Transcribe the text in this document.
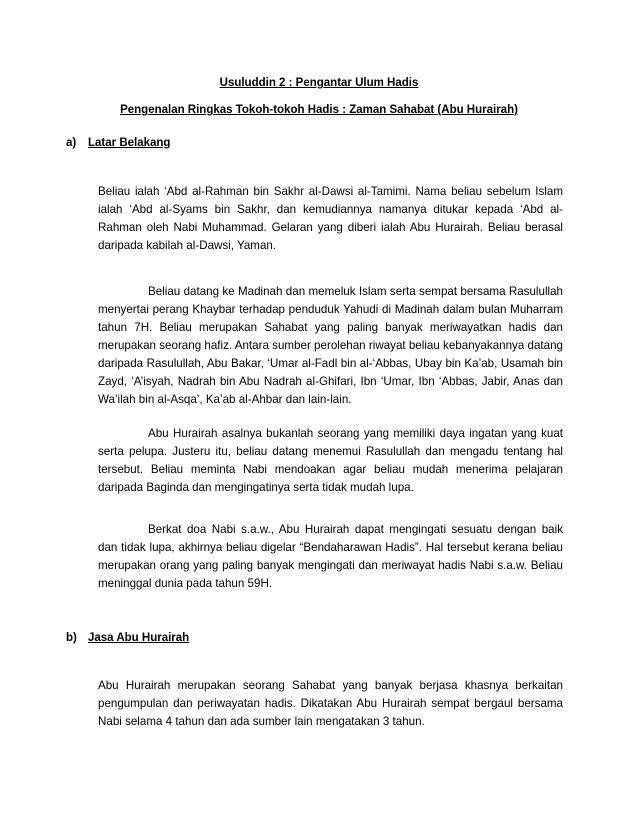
Usuluddin 2 : Pengantar Ulum Hadis
Pengenalan Ringkas Tokoh-tokoh Hadis : Zaman Sahabat (Abu Hurairah)
a) Latar Belakang

Beliau ialah ‘Abd al-Rahman bin Sakhr al-Dawsi al-Tamimi. Nama beliau sebelum Islam ialah ‘Abd al-Syams bin Sakhr, dan kemudiannya namanya ditukar kepada ‘Abd al-Rahman oleh Nabi Muhammad. Gelaran yang diberi ialah Abu Hurairah. Beliau berasal daripada kabilah al-Dawsi, Yaman.

Beliau datang ke Madinah dan memeluk Islam serta sempat bersama Rasulullah menyertai perang Khaybar terhadap penduduk Yahudi di Madinah dalam bulan Muharram tahun 7H. Beliau merupakan Sahabat yang paling banyak meriwayatkan hadis dan merupakan seorang hafiz. Antara sumber perolehan riwayat beliau kebanyakannya datang daripada Rasulullah, Abu Bakar, ‘Umar al-Fadl bin al-‘Abbas, Ubay bin Ka’ab, Usamah bin Zayd, ‘A’isyah, Nadrah bin Abu Nadrah al-Ghifari, Ibn ‘Umar, Ibn ‘Abbas, Jabir, Anas dan Wa’ilah bin al-Asqa’, Ka’ab al-Ahbar dan lain-lain.

Abu Hurairah asalnya bukanlah seorang yang memiliki daya ingatan yang kuat serta pelupa. Justeru itu, beliau datang menemui Rasulullah dan mengadu tentang hal tersebut. Beliau meminta Nabi mendoakan agar beliau mudah menerima pelajaran daripada Baginda dan mengingatinya serta tidak mudah lupa.

Berkat doa Nabi s.a.w., Abu Hurairah dapat mengingati sesuatu dengan baik dan tidak lupa, akhirnya beliau digelar “Bendaharawan Hadis”. Hal tersebut kerana beliau merupakan orang yang paling banyak mengingati dan meriwayat hadis Nabi s.a.w. Beliau meninggal dunia pada tahun 59H.

b) Jasa Abu Hurairah

Abu Hurairah merupakan seorang Sahabat yang banyak berjasa khasnya berkaitan pengumpulan dan periwayatan hadis. Dikatakan Abu Hurairah sempat bergaul bersama Nabi selama 4 tahun dan ada sumber lain mengatakan 3 tahun.
